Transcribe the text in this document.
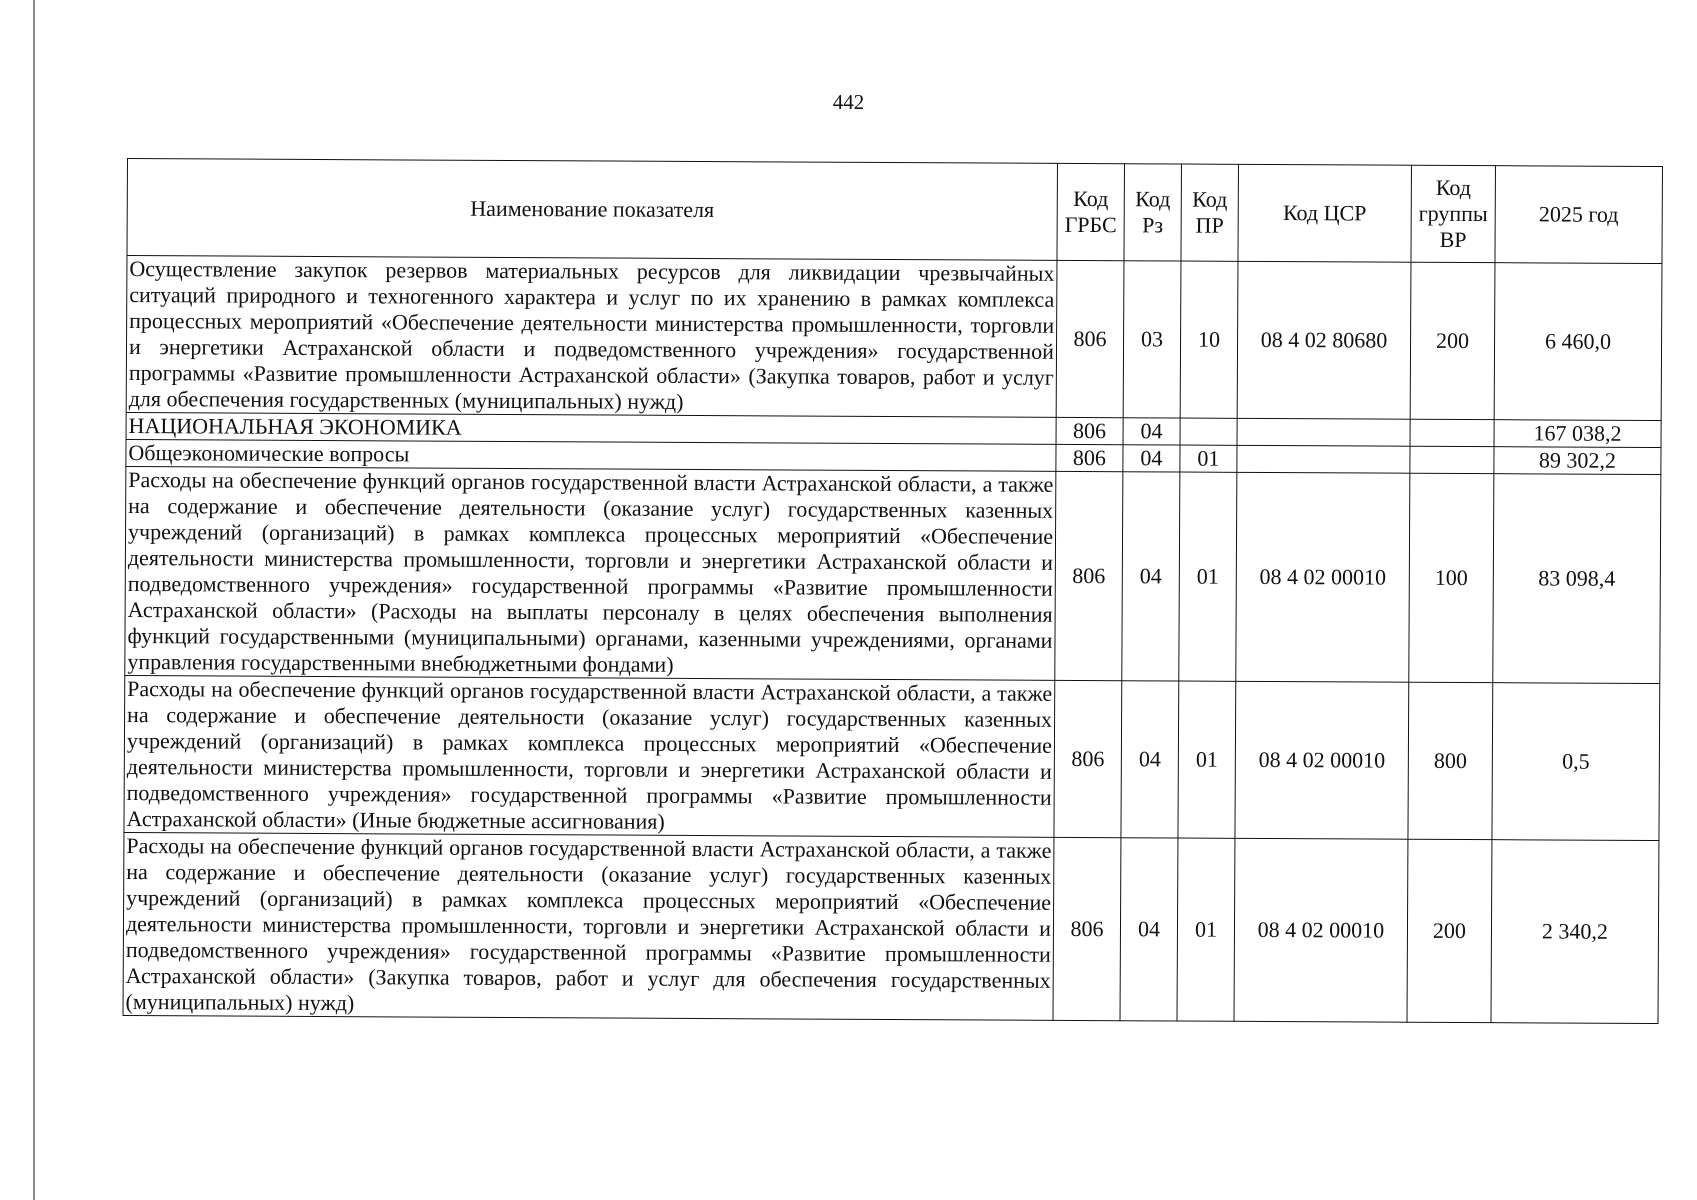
442
Наименование показателя	Код ГРБС	Код Рз	Код ПР	Код ЦСР	Код группы ВР	2025 год
Осуществление закупок резервов материальных ресурсов для ликвидации чрезвычайных ситуаций природного и техногенного характера и услуг по их хранению в рамках комплекса процессных мероприятий «Обеспечение деятельности министерства промышленности, торговли и энергетики Астраханской области и подведомственного учреждения» государственной программы «Развитие промышленности Астраханской области» (Закупка товаров, работ и услуг для обеспечения государственных (муниципальных) нужд)	806	03	10	08 4 02 80680	200	6 460,0
НАЦИОНАЛЬНАЯ ЭКОНОМИКА	806	04				167 038,2
Общеэкономические вопросы	806	04	01			89 302,2
Расходы на обеспечение функций органов государственной власти Астраханской области, а также на содержание и обеспечение деятельности (оказание услуг) государственных казенных учреждений (организаций) в рамках комплекса процессных мероприятий «Обеспечение деятельности министерства промышленности, торговли и энергетики Астраханской области и подведомственного учреждения» государственной программы «Развитие промышленности Астраханской области» (Расходы на выплаты персоналу в целях обеспечения выполнения функций государственными (муниципальными) органами, казенными учреждениями, органами управления государственными внебюджетными фондами)	806	04	01	08 4 02 00010	100	83 098,4
Расходы на обеспечение функций органов государственной власти Астраханской области, а также на содержание и обеспечение деятельности (оказание услуг) государственных казенных учреждений (организаций) в рамках комплекса процессных мероприятий «Обеспечение деятельности министерства промышленности, торговли и энергетики Астраханской области и подведомственного учреждения» государственной программы «Развитие промышленности Астраханской области» (Иные бюджетные ассигнования)	806	04	01	08 4 02 00010	800	0,5
Расходы на обеспечение функций органов государственной власти Астраханской области, а также на содержание и обеспечение деятельности (оказание услуг) государственных казенных учреждений (организаций) в рамках комплекса процессных мероприятий «Обеспечение деятельности министерства промышленности, торговли и энергетики Астраханской области и подведомственного учреждения» государственной программы «Развитие промышленности Астраханской области» (Закупка товаров, работ и услуг для обеспечения государственных (муниципальных) нужд)	806	04	01	08 4 02 00010	200	2 340,2
